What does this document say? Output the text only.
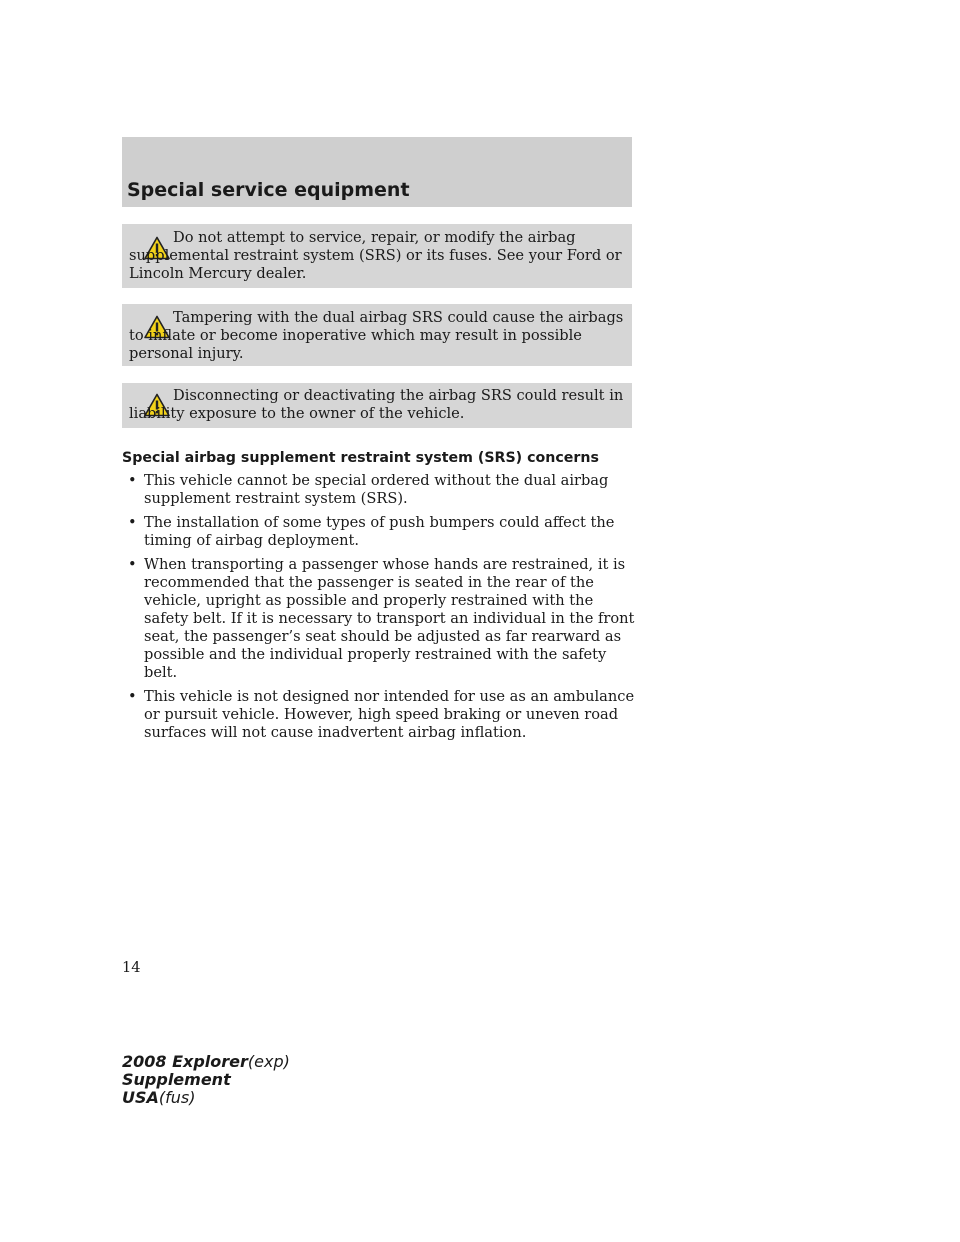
Special service equipment
Do not attempt to service, repair, or modify the airbag supplemental restraint system (SRS) or its fuses. See your Ford or Lincoln Mercury dealer.
Tampering with the dual airbag SRS could cause the airbags to inflate or become inoperative which may result in possible personal injury.
Disconnecting or deactivating the airbag SRS could result in liability exposure to the owner of the vehicle.
Special airbag supplement restraint system (SRS) concerns
• This vehicle cannot be special ordered without the dual airbag supplement restraint system (SRS).
• The installation of some types of push bumpers could affect the timing of airbag deployment.
• When transporting a passenger whose hands are restrained, it is recommended that the passenger is seated in the rear of the vehicle, upright as possible and properly restrained with the safety belt. If it is necessary to transport an individual in the front seat, the passenger’s seat should be adjusted as far rearward as possible and the individual properly restrained with the safety belt.
• This vehicle is not designed nor intended for use as an ambulance or pursuit vehicle. However, high speed braking or uneven road surfaces will not cause inadvertent airbag inflation.
14
2008 Explorer(exp)
Supplement
USA(fus)
